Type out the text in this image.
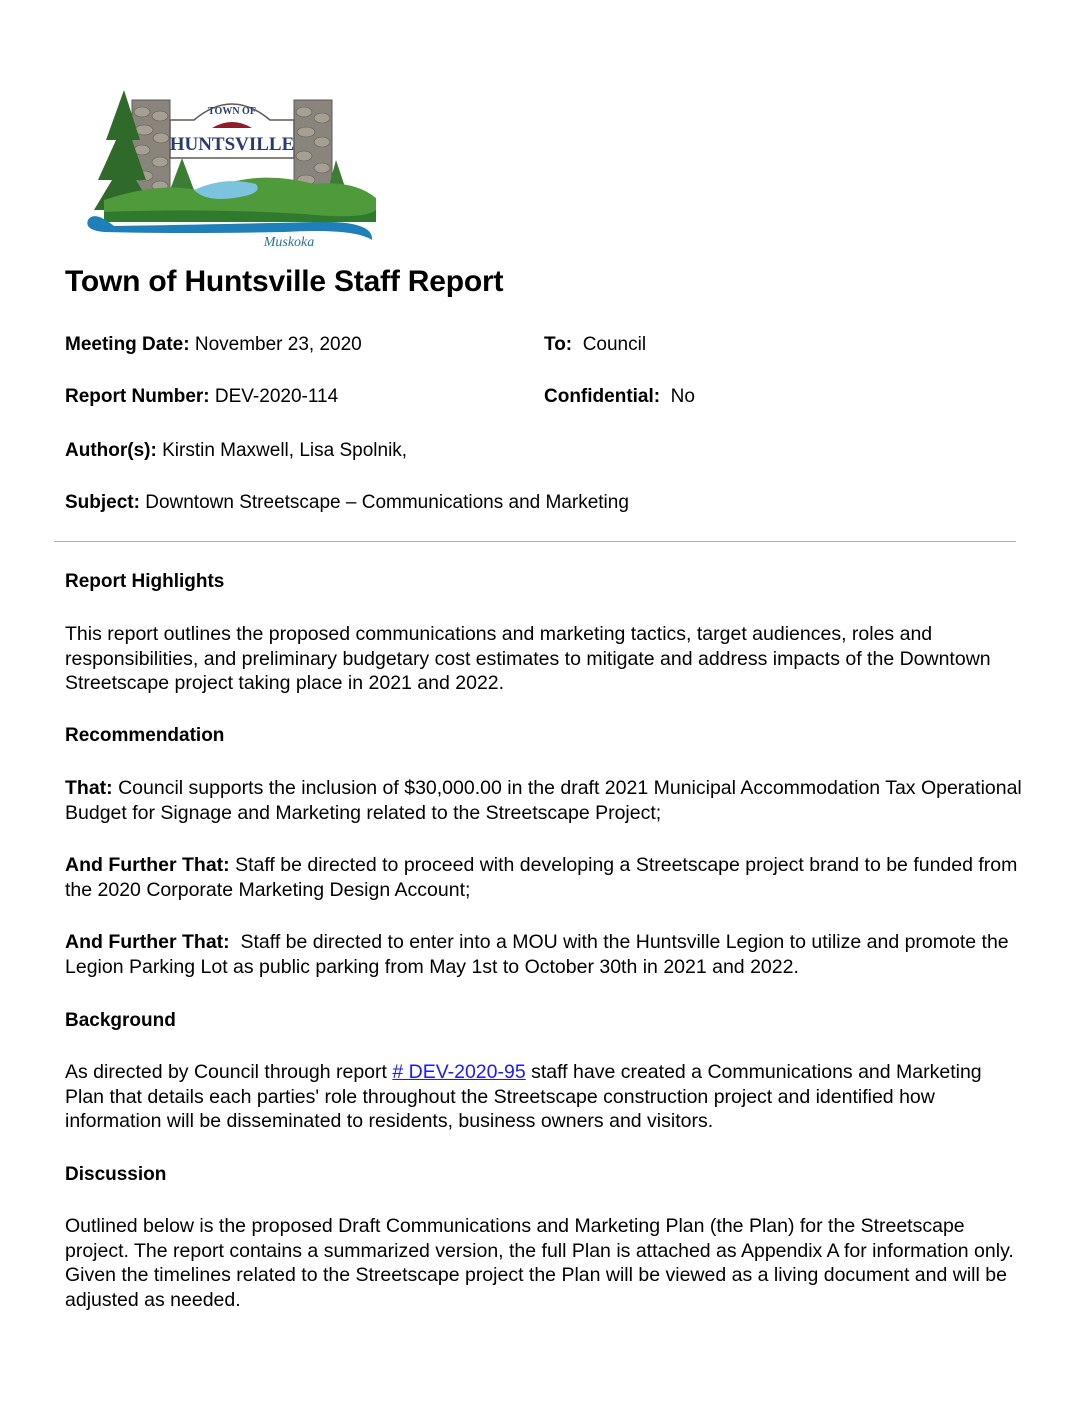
TOWN OF
HUNTSVILLE
Muskoka
Town of Huntsville Staff Report
Meeting Date: November 23, 2020	To:  Council
Report Number: DEV-2020-114	Confidential:  No
Author(s): Kirstin Maxwell, Lisa Spolnik,
Subject: Downtown Streetscape – Communications and Marketing
Report Highlights

This report outlines the proposed communications and marketing tactics, target audiences, roles and responsibilities, and preliminary budgetary cost estimates to mitigate and address impacts of the Downtown Streetscape project taking place in 2021 and 2022.

Recommendation

That: Council supports the inclusion of $30,000.00 in the draft 2021 Municipal Accommodation Tax Operational Budget for Signage and Marketing related to the Streetscape Project;

And Further That: Staff be directed to proceed with developing a Streetscape project brand to be funded from the 2020 Corporate Marketing Design Account;

And Further That:  Staff be directed to enter into a MOU with the Huntsville Legion to utilize and promote the Legion Parking Lot as public parking from May 1st to October 30th in 2021 and 2022.

Background

As directed by Council through report # DEV-2020-95 staff have created a Communications and Marketing Plan that details each parties' role throughout the Streetscape construction project and identified how information will be disseminated to residents, business owners and visitors.

Discussion

Outlined below is the proposed Draft Communications and Marketing Plan (the Plan) for the Streetscape project. The report contains a summarized version, the full Plan is attached as Appendix A for information only. Given the timelines related to the Streetscape project the Plan will be viewed as a living document and will be adjusted as needed.
